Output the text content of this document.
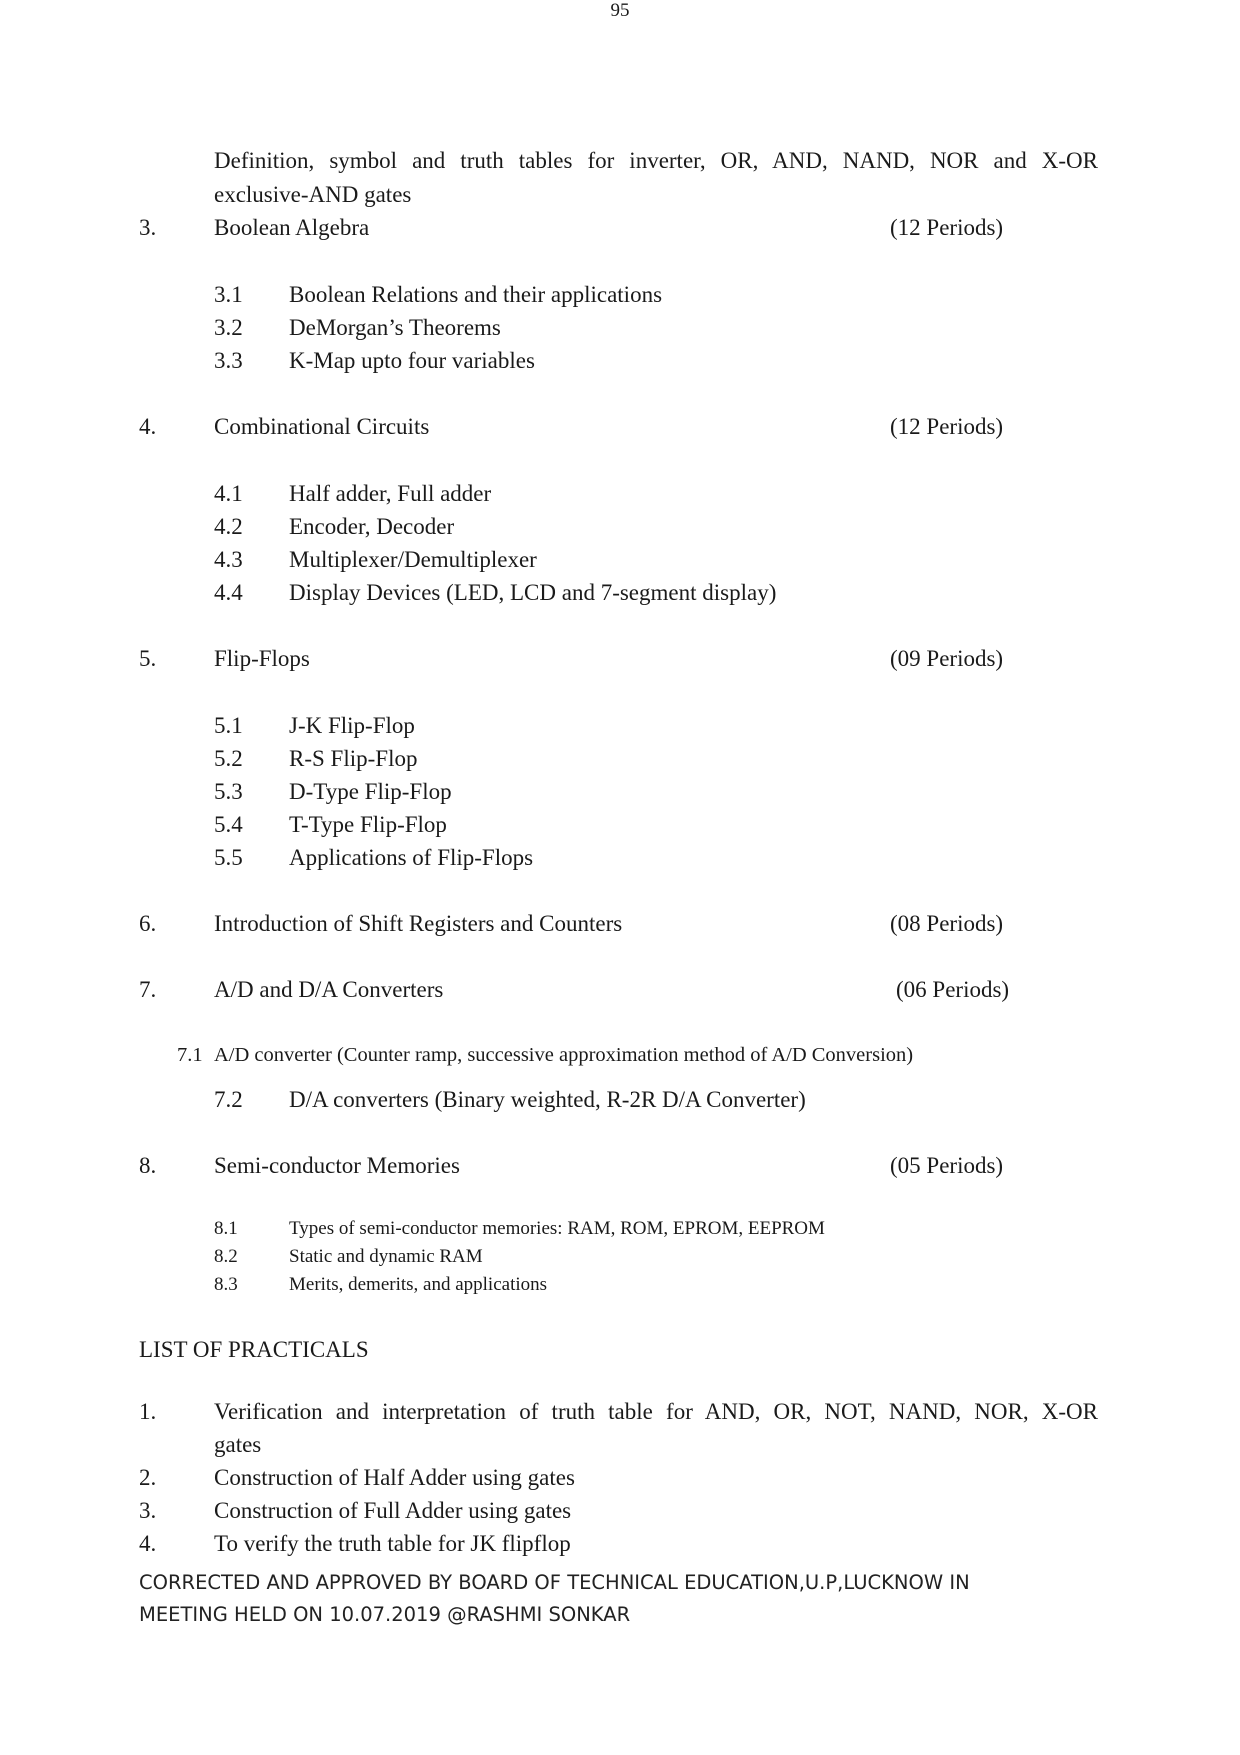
95
Definition, symbol and truth tables for inverter, OR, AND, NAND, NOR and X-OR
exclusive-AND gates
3.	Boolean Algebra	(12 Periods)
3.1 Boolean Relations and their applications
3.2 DeMorgan’s Theorems
3.3 K-Map upto four variables
4.	Combinational Circuits	(12 Periods)
4.1 Half adder, Full adder
4.2 Encoder, Decoder
4.3 Multiplexer/Demultiplexer
4.4 Display Devices (LED, LCD and 7-segment display)
5.	Flip-Flops	(09 Periods)
5.1 J-K Flip-Flop
5.2 R-S Flip-Flop
5.3 D-Type Flip-Flop
5.4 T-Type Flip-Flop
5.5 Applications of Flip-Flops
6.	Introduction of Shift Registers and Counters	(08 Periods)
7.	A/D and D/A Converters	(06 Periods)
7.1 A/D converter (Counter ramp, successive approximation method of A/D Conversion)
7.2 D/A converters (Binary weighted, R-2R D/A Converter)
8.	Semi-conductor Memories	(05 Periods)
8.1	Types of semi-conductor memories: RAM, ROM, EPROM, EEPROM
8.2	Static and dynamic RAM
8.3	Merits, demerits, and applications
LIST OF PRACTICALS
1.	Verification and interpretation of truth table for AND, OR, NOT, NAND, NOR, X-OR
gates
2.	Construction of Half Adder using gates
3.	Construction of Full Adder using gates
4.	To verify the truth table for JK flipflop
CORRECTED AND APPROVED BY BOARD OF TECHNICAL EDUCATION,U.P,LUCKNOW IN
MEETING HELD ON 10.07.2019 @RASHMI SONKAR
